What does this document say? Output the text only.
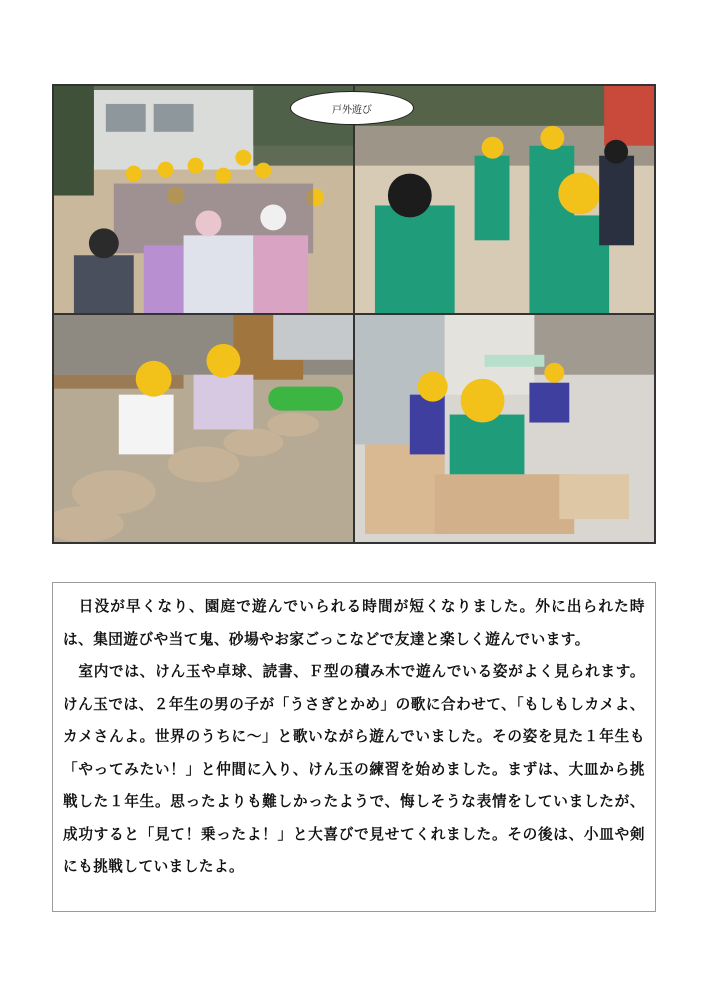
戸外遊び

　日没が早くなり、園庭で遊んでいられる時間が短くなりました。外に出られた時は、集団遊びや当て鬼、砂場やお家ごっこなどで友達と楽しく遊んでいます。

　室内では、けん玉や卓球、読書、Ｆ型の積み木で遊んでいる姿がよく見られます。けん玉では、２年生の男の子が「うさぎとかめ」の歌に合わせて、「もしもしカメよ、カメさんよ。世界のうちに～」と歌いながら遊んでいました。その姿を見た１年生も「やってみたい！」と仲間に入り、けん玉の練習を始めました。まずは、大皿から挑戦した１年生。思ったよりも難しかったようで、悔しそうな表情をしていましたが、成功すると「見て！乗ったよ！」と大喜びで見せてくれました。その後は、小皿や剣にも挑戦していましたよ。
